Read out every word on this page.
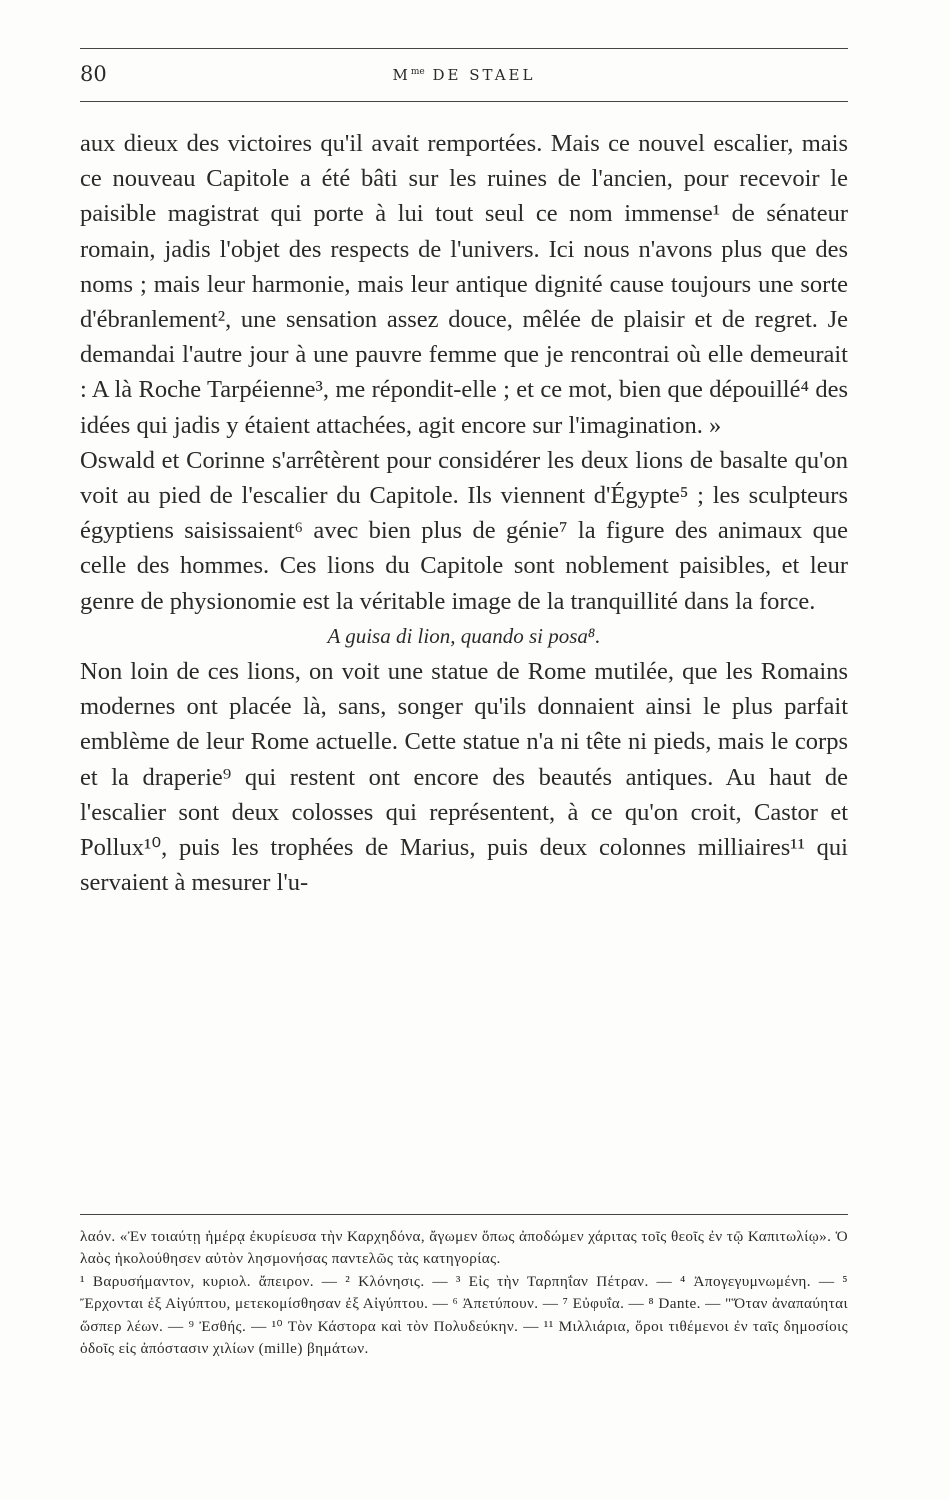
80	$M^{me}$ DE STAEL

aux dieux des victoires qu'il avait remportées. Mais ce nouvel escalier, mais ce nouveau Capitole a été bâti sur les ruines de l'ancien, pour recevoir le paisible magistrat qui porte à lui tout seul ce nom immense¹ de sénateur romain, jadis l'objet des respects de l'univers. Ici nous n'avons plus que des noms ; mais leur harmonie, mais leur antique dignité cause toujours une sorte d'ébranlement², une sensation assez douce, mêlée de plaisir et de regret. Je demandai l'autre jour à une pauvre femme que je rencontrai où elle demeurait : A là Roche Tarpéienne³, me répondit-elle ; et ce mot, bien que dépouillé⁴ des idées qui jadis y étaient attachées, agit encore sur l'imagination. »

Oswald et Corinne s'arrêtèrent pour considérer les deux lions de basalte qu'on voit au pied de l'escalier du Capitole. Ils viennent d'Égypte⁵ ; les sculpteurs égyptiens saisissaient⁶ avec bien plus de génie⁷ la figure des animaux que celle des hommes. Ces lions du Capitole sont noblement paisibles, et leur genre de physionomie est la véritable image de la tranquillité dans la force.

A guisa di lion, quando si posa⁸.

Non loin de ces lions, on voit une statue de Rome mutilée, que les Romains modernes ont placée là, sans, songer qu'ils donnaient ainsi le plus parfait emblème de leur Rome actuelle. Cette statue n'a ni tête ni pieds, mais le corps et la draperie⁹ qui restent ont encore des beautés antiques. Au haut de l'escalier sont deux colosses qui représentent, à ce qu'on croit, Castor et Pollux¹⁰, puis les trophées de Marius, puis deux colonnes milliaires¹¹ qui servaient à mesurer l'u-

λαόν. «Ἐν τοιαύτῃ ἡμέρᾳ ἐκυρίευσα τὴν Καρχηδόνα, ἄγωμεν ὅπως ἀποδώμεν χάριτας τοῖς θεοῖς ἐν τῷ Καπιτωλίῳ». Ὁ λαὸς ἠκολούθησεν αὐτὸν λησμονήσας παντελῶς τὰς κατηγορίας.

¹ Βαρυσήμαντον, κυριολ. ἄπειρον. — ² Κλόνησις. — ³ Εἰς τὴν Ταρπηΐαν Πέτραν. — ⁴ Ἀπογεγυμνωμένη. — ⁵ Ἔρχονται ἐξ Αἰγύπτου, μετεκομίσθησαν ἐξ Αἰγύπτου. — ⁶ Ἀπετύπουν. — ⁷ Εὐφυΐα. — ⁸ Dante. — "Ὅταν ἀναπαύηται ὥσπερ λέων. — ⁹ Ἐσθής. — ¹⁰ Τὸν Κάστορα καὶ τὸν Πολυδεύκην. — ¹¹ Μιλλιάρια, ὅροι τιθέμενοι ἐν ταῖς δημοσίοις ὁδοῖς εἰς ἀπόστασιν χιλίων (mille) βημάτων.
